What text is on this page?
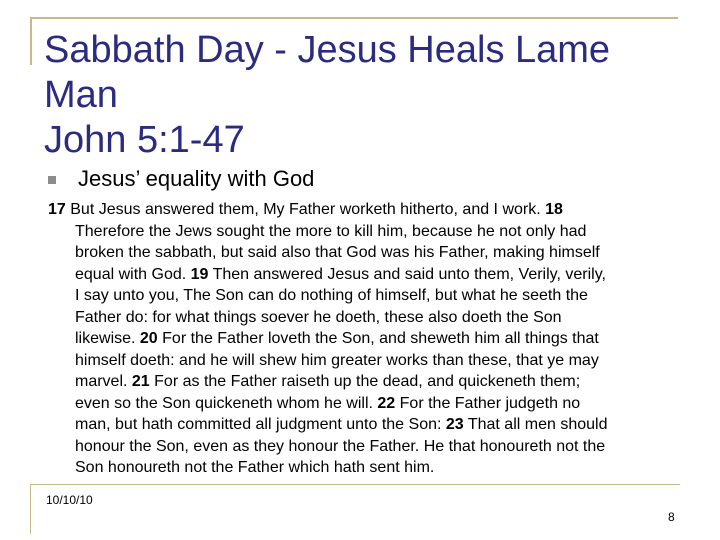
Sabbath Day - Jesus Heals Lame
Man
John 5:1-47
Jesus’ equality with God
17 But Jesus answered them, My Father worketh hitherto, and I work. 18
Therefore the Jews sought the more to kill him, because he not only had
broken the sabbath, but said also that God was his Father, making himself
equal with God. 19 Then answered Jesus and said unto them, Verily, verily,
I say unto you, The Son can do nothing of himself, but what he seeth the
Father do: for what things soever he doeth, these also doeth the Son
likewise. 20 For the Father loveth the Son, and sheweth him all things that
himself doeth: and he will shew him greater works than these, that ye may
marvel. 21 For as the Father raiseth up the dead, and quickeneth them;
even so the Son quickeneth whom he will. 22 For the Father judgeth no
man, but hath committed all judgment unto the Son: 23 That all men should
honour the Son, even as they honour the Father. He that honoureth not the
Son honoureth not the Father which hath sent him.
10/10/10
8
